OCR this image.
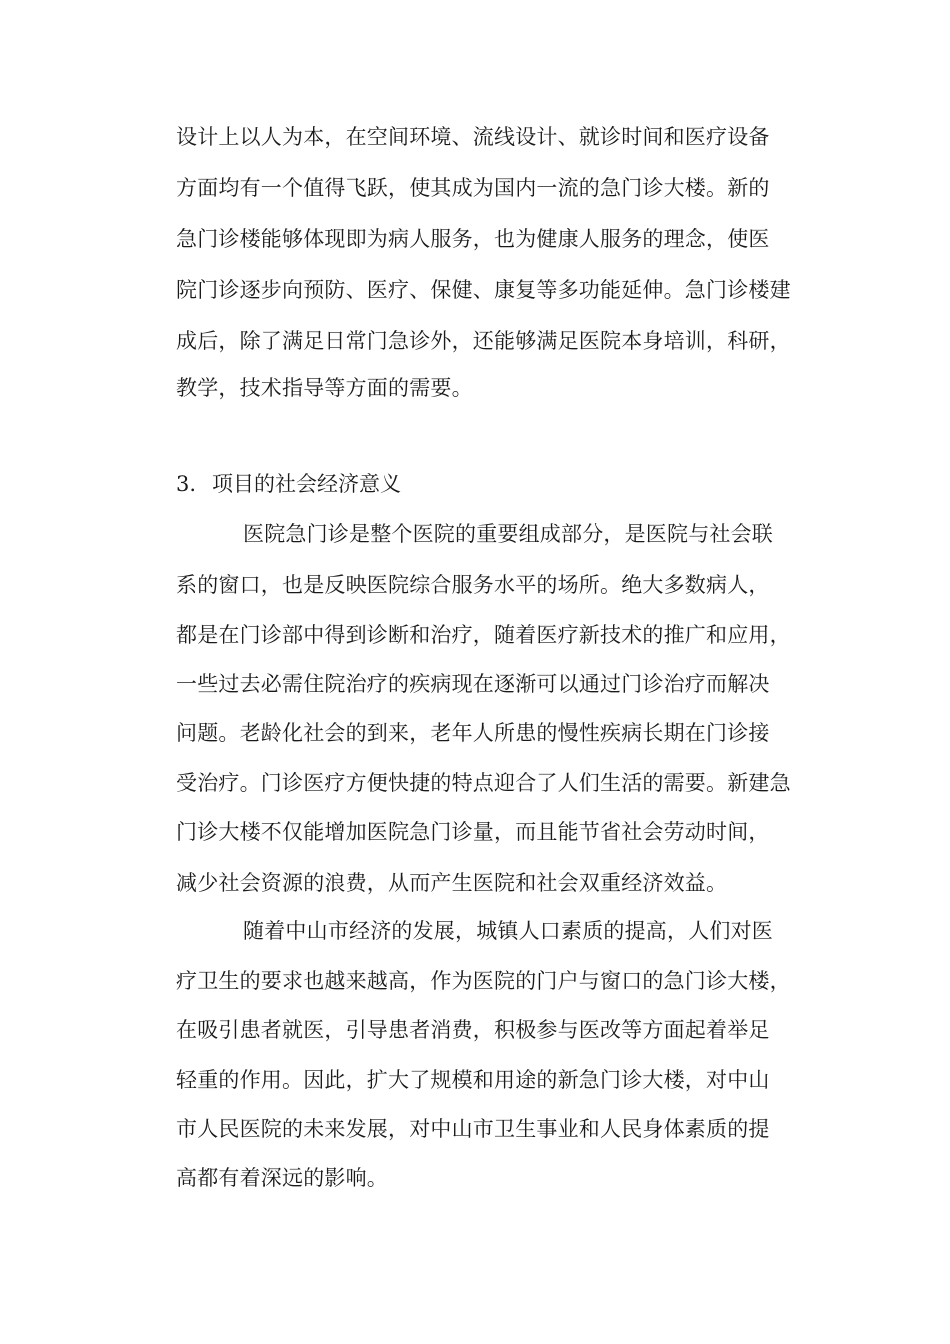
设计上以人为本，在空间环境、流线设计、就诊时间和医疗设备
方面均有一个值得飞跃，使其成为国内一流的急门诊大楼。新的
急门诊楼能够体现即为病人服务，也为健康人服务的理念，使医
院门诊逐步向预防、医疗、保健、康复等多功能延伸。急门诊楼建
成后，除了满足日常门急诊外，还能够满足医院本身培训，科研，
教学，技术指导等方面的需要。
3. 项目的社会经济意义
医院急门诊是整个医院的重要组成部分，是医院与社会联
系的窗口，也是反映医院综合服务水平的场所。绝大多数病人，
都是在门诊部中得到诊断和治疗，随着医疗新技术的推广和应用，
一些过去必需住院治疗的疾病现在逐渐可以通过门诊治疗而解决
问题。老龄化社会的到来，老年人所患的慢性疾病长期在门诊接
受治疗。门诊医疗方便快捷的特点迎合了人们生活的需要。新建急
门诊大楼不仅能增加医院急门诊量，而且能节省社会劳动时间，
减少社会资源的浪费，从而产生医院和社会双重经济效益。
随着中山市经济的发展，城镇人口素质的提高，人们对医
疗卫生的要求也越来越高，作为医院的门户与窗口的急门诊大楼，
在吸引患者就医，引导患者消费，积极参与医改等方面起着举足
轻重的作用。因此，扩大了规模和用途的新急门诊大楼，对中山
市人民医院的未来发展，对中山市卫生事业和人民身体素质的提
高都有着深远的影响。
